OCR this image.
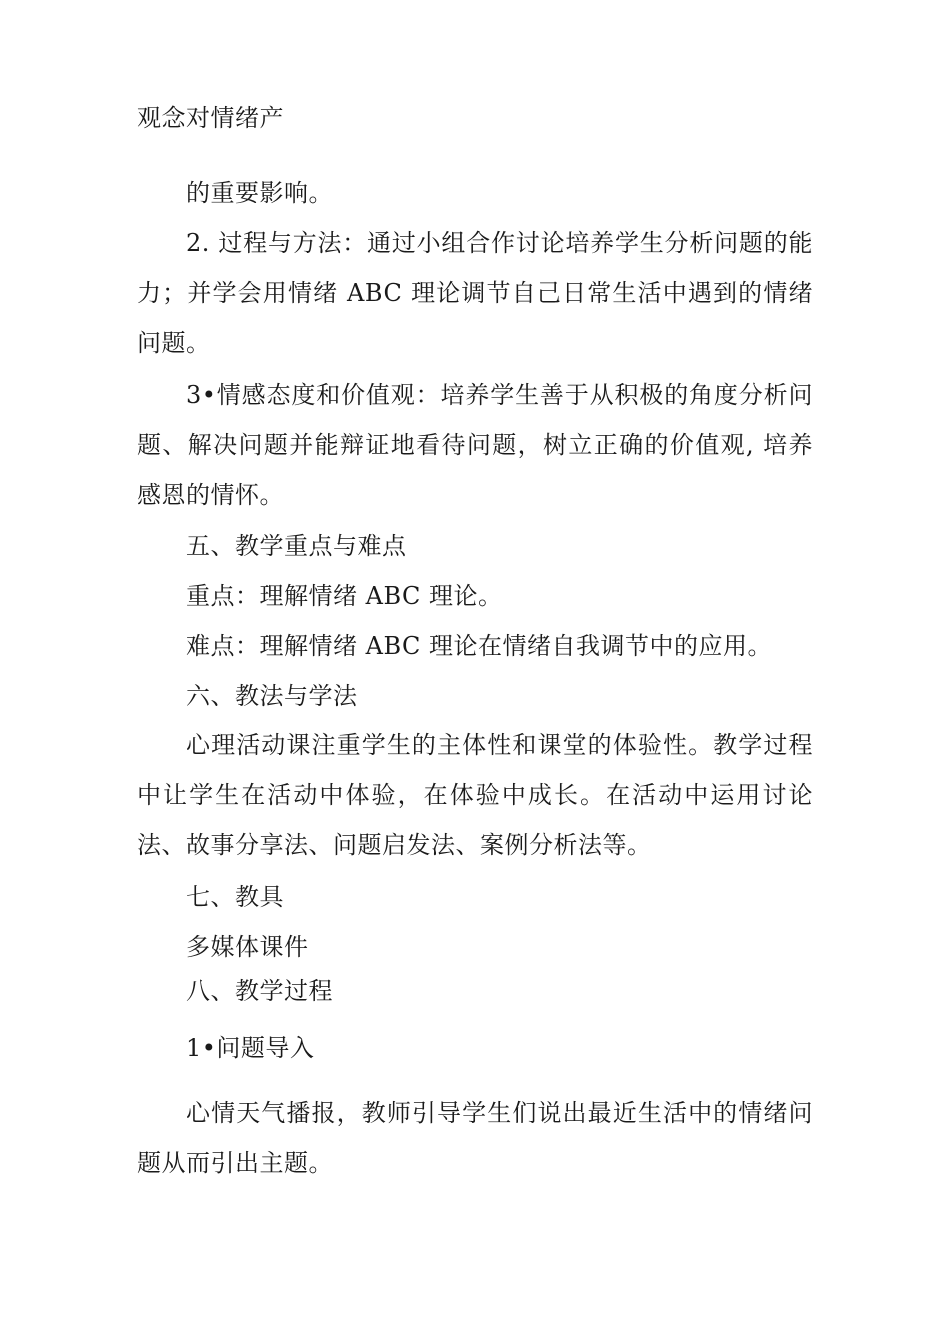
观念对情绪产
的重要影响。
2. 过程与方法：通过小组合作讨论培养学生分析问题的能力；并学会用情绪 ABC 理论调节自己日常生活中遇到的情绪问题。
3•情感态度和价值观：培养学生善于从积极的角度分析问题、解决问题并能辩证地看待问题，树立正确的价值观, 培养感恩的情怀。
五、教学重点与难点
重点：理解情绪 ABC 理论。
难点：理解情绪 ABC 理论在情绪自我调节中的应用。
六、教法与学法
心理活动课注重学生的主体性和课堂的体验性。教学过程中让学生在活动中体验，在体验中成长。在活动中运用讨论法、故事分享法、问题启发法、案例分析法等。
七、教具
多媒体课件
八、教学过程
1•问题导入
心情天气播报，教师引导学生们说出最近生活中的情绪问题从而引出主题。
